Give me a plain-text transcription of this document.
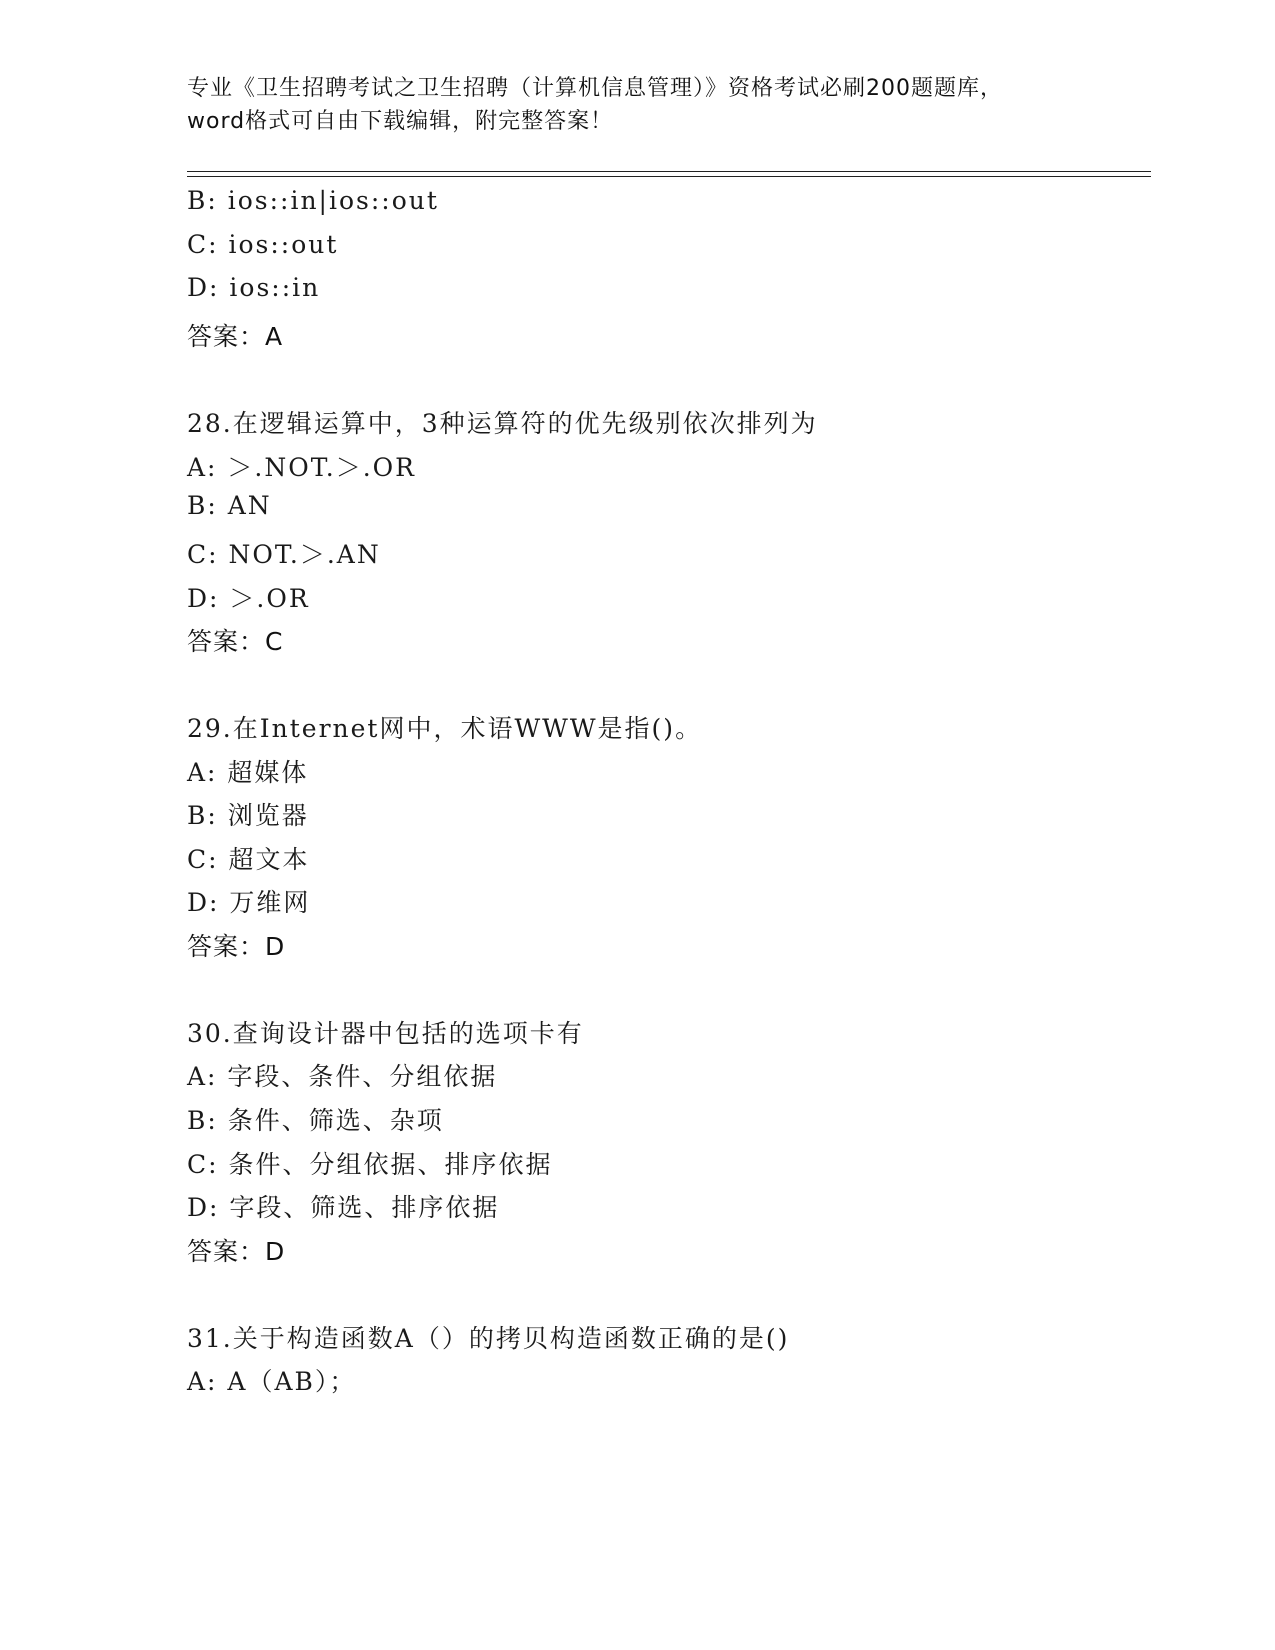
专业《卫生招聘考试之卫生招聘（计算机信息管理）》资格考试必刷200题题库，
word格式可自由下载编辑，附完整答案！
B: ios::in|ios::out
C: ios::out
D: ios::in
答案：A
28.在逻辑运算中，3种运算符的优先级别依次排列为
A: ＞.NOT.＞.OR
B: AN
C: NOT.＞.AN
D: ＞.OR
答案：C
29.在Internet网中，术语WWW是指()。
A: 超媒体
B: 浏览器
C: 超文本
D: 万维网
答案：D
30.查询设计器中包括的选项卡有
A: 字段、条件、分组依据
B: 条件、筛选、杂项
C: 条件、分组依据、排序依据
D: 字段、筛选、排序依据
答案：D
31.关于构造函数A（）的拷贝构造函数正确的是()
A: A（AB）；
